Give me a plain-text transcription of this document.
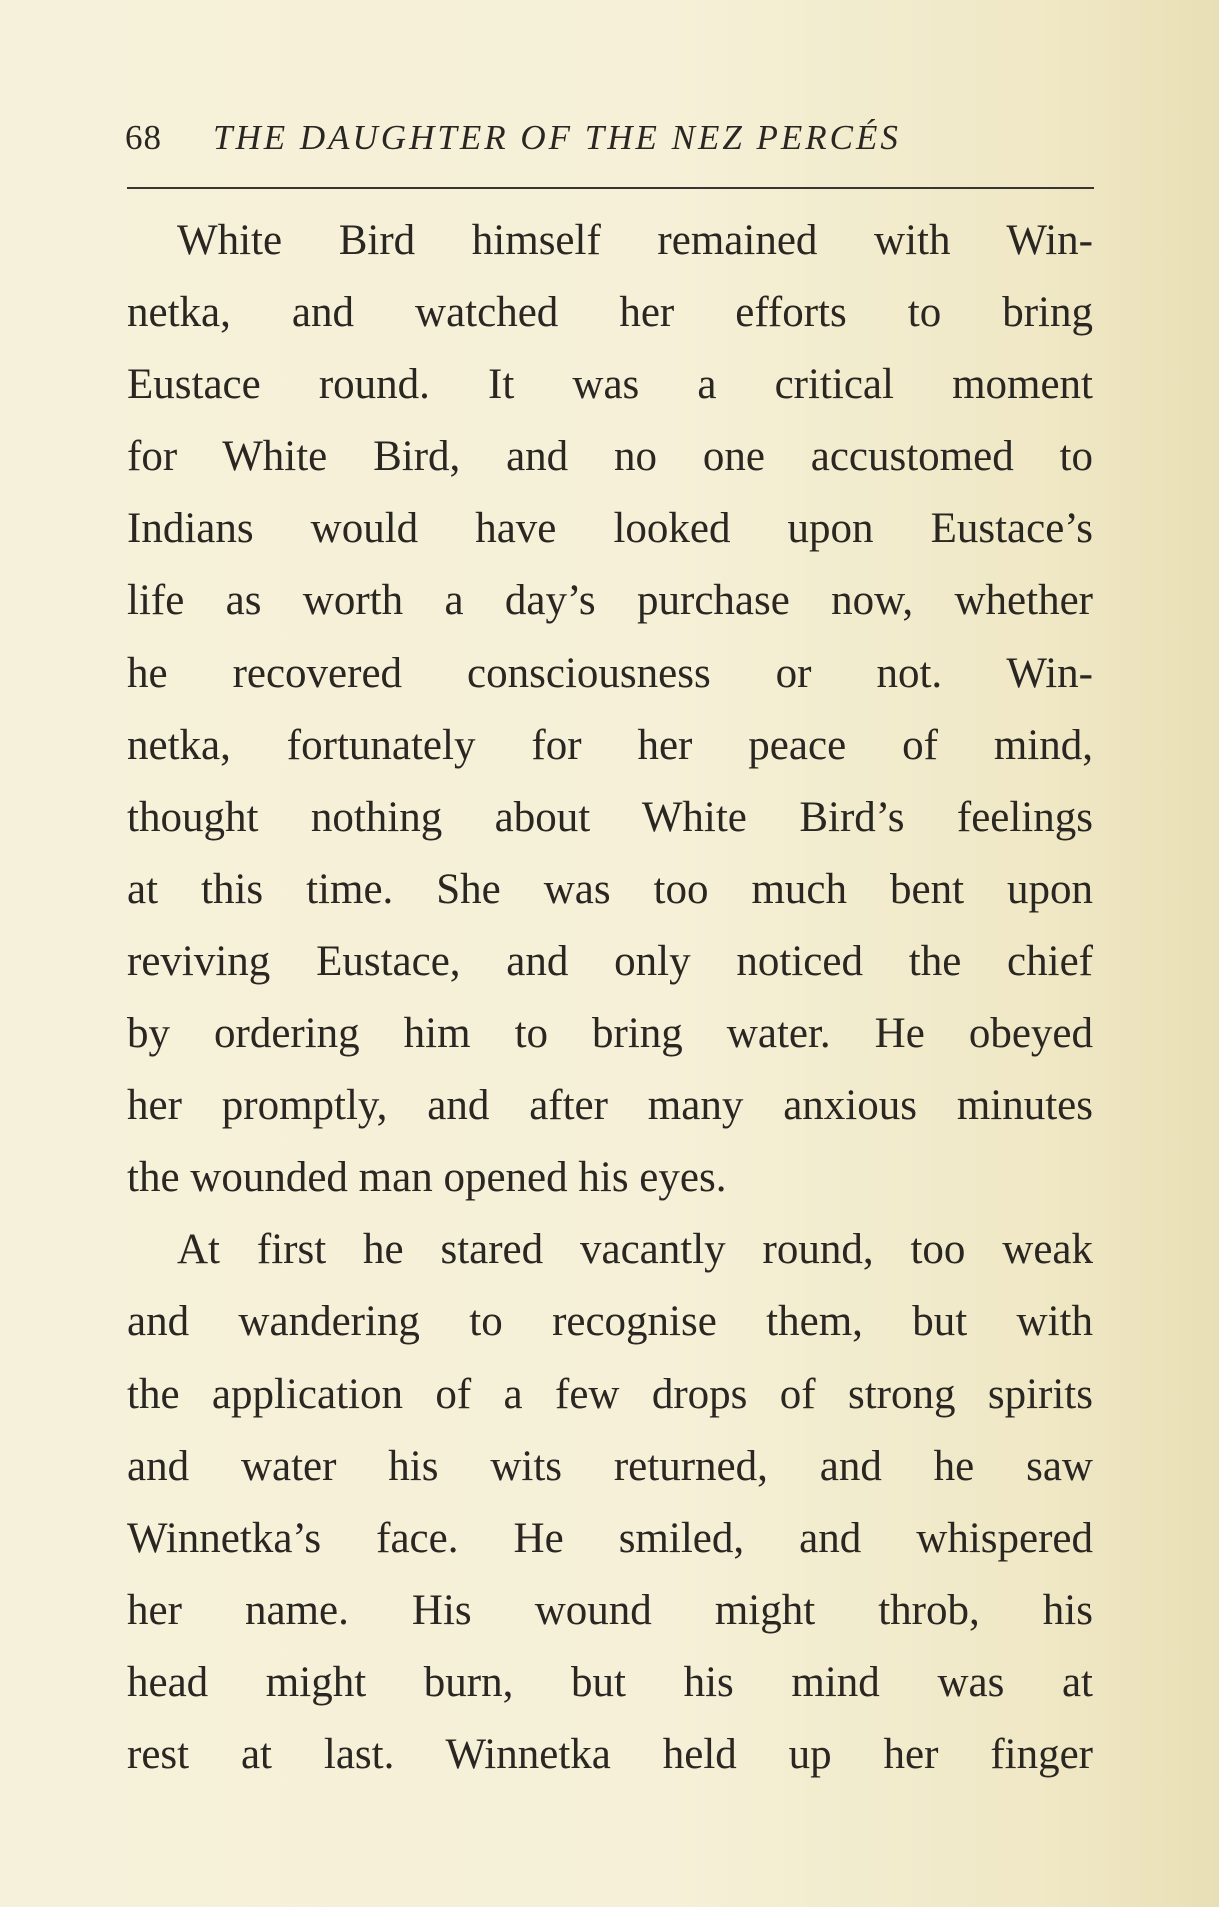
68 THE DAUGHTER OF THE NEZ PERCÉS
White Bird himself remained with Win-
netka, and watched her efforts to bring
Eustace round. It was a critical moment
for White Bird, and no one accustomed to
Indians would have looked upon Eustace’s
life as worth a day’s purchase now, whether
he recovered consciousness or not. Win-
netka, fortunately for her peace of mind,
thought nothing about White Bird’s feelings
at this time. She was too much bent upon
reviving Eustace, and only noticed the chief
by ordering him to bring water. He obeyed
her promptly, and after many anxious minutes
the wounded man opened his eyes.
At first he stared vacantly round, too weak
and wandering to recognise them, but with
the application of a few drops of strong spirits
and water his wits returned, and he saw
Winnetka’s face. He smiled, and whispered
her name. His wound might throb, his
head might burn, but his mind was at
rest at last. Winnetka held up her finger
